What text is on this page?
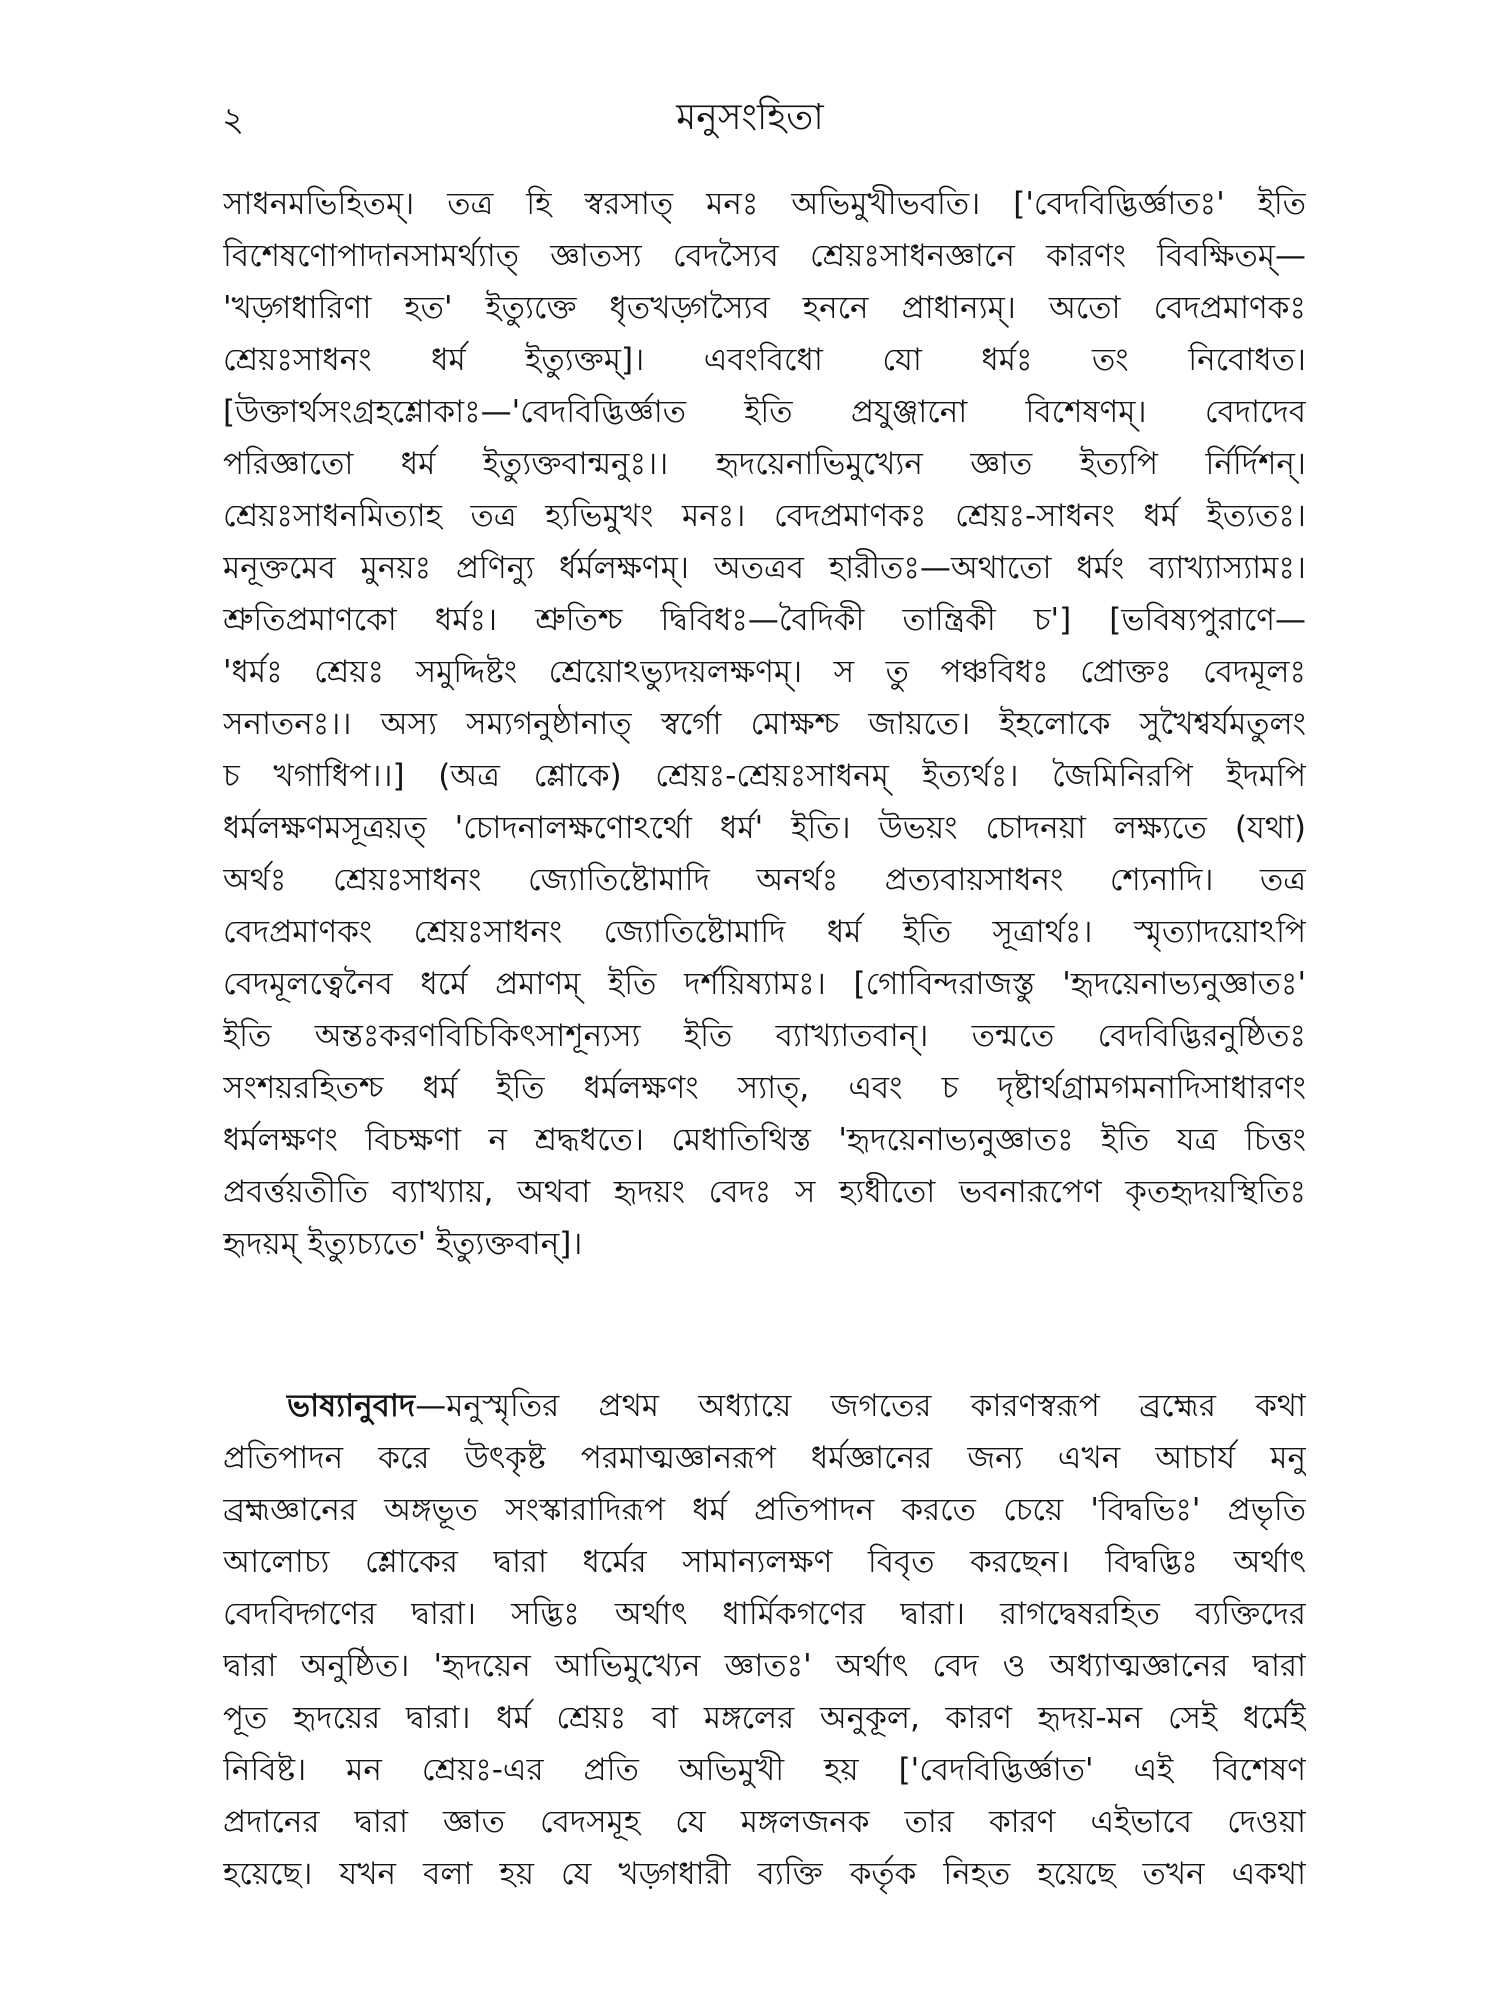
২	মনুসংহিতা
সাধনমভিহিতম্। তত্র হি স্বরসাত্ মনঃ অভিমুখীভবতি। ['বেদবিদ্ভির্জ্ঞাতঃ' ইতি
বিশেষণোপাদানসামর্থ্যাত্ জ্ঞাতস্য বেদস্যৈব শ্রেয়ঃসাধনজ্ঞানে কারণং বিবক্ষিতম্—
'খড়্গধারিণা হত' ইত্যুক্তে ধৃতখড়্গস্যৈব হননে প্রাধান্যম্। অতো বেদপ্রমাণকঃ
শ্রেয়ঃসাধনং ধর্ম ইত্যুক্তম্]। এবংবিধো যো ধর্মঃ তং নিবোধত।
[উক্তার্থসংগ্রহশ্লোকাঃ—'বেদবিদ্ভির্জ্ঞাত ইতি প্রযুঞ্জানো বিশেষণম্। বেদাদেব
পরিজ্ঞাতো ধর্ম ইত্যুক্তবান্মনুঃ।। হৃদয়েনাভিমুখ্যেন জ্ঞাত ইত্যপি র্নির্দিশন্।
শ্রেয়ঃসাধনমিত্যাহ তত্র হ্যভিমুখং মনঃ। বেদপ্রমাণকঃ শ্রেয়ঃ-সাধনং ধর্ম ইত্যতঃ।
মনূক্তমেব মুনয়ঃ প্রণিন্যু র্ধর্মলক্ষণম্। অতত্রব হারীতঃ—অথাতো ধর্মং ব্যাখ্যাস্যামঃ।
শ্রুতিপ্রমাণকো ধর্মঃ। শ্রুতিশ্চ দ্বিবিধঃ—বৈদিকী তান্ত্রিকী চ'] [ভবিষ্যপুরাণে—
'ধর্মঃ শ্রেয়ঃ সমুদ্দিষ্টং শ্রেয়োঽভ্যুদয়লক্ষণম্। স তু পঞ্চবিধঃ প্রোক্তঃ বেদমূলঃ
সনাতনঃ।। অস্য সম্যগনুষ্ঠানাত্ স্বর্গো মোক্ষশ্চ জায়তে। ইহলোকে সুখৈশ্বর্যমতুলং
চ খগাধিপ।।] (অত্র শ্লোকে) শ্রেয়ঃ-শ্রেয়ঃসাধনম্ ইত্যর্থঃ। জৈমিনিরপি ইদমপি
ধর্মলক্ষণমসূত্রয়ত্ 'চোদনালক্ষণোঽর্থো ধর্ম' ইতি। উভয়ং চোদনয়া লক্ষ্যতে (যথা)
অর্থঃ শ্রেয়ঃসাধনং জ্যোতিষ্টোমাদি অনর্থঃ প্রত্যবায়সাধনং শ্যেনাদি। তত্র
বেদপ্রমাণকং শ্রেয়ঃসাধনং জ্যোতিষ্টোমাদি ধর্ম ইতি সূত্রার্থঃ। স্মৃত্যাদয়োঽপি
বেদমূলত্বেনৈব ধর্মে প্রমাণম্ ইতি দর্শয়িষ্যামঃ। [গোবিন্দরাজস্তু 'হৃদয়েনাভ্যনুজ্ঞাতঃ'
ইতি অন্তঃকরণবিচিকিৎসাশূন্যস্য ইতি ব্যাখ্যাতবান্। তন্মতে বেদবিদ্ভিরনুষ্ঠিতঃ
সংশয়রহিতশ্চ ধর্ম ইতি ধর্মলক্ষণং স্যাত্, এবং চ দৃষ্টার্থগ্রামগমনাদিসাধারণং
ধর্মলক্ষণং বিচক্ষণা ন শ্রদ্ধধতে। মেধাতিথিস্ত 'হৃদয়েনাভ্যনুজ্ঞাতঃ ইতি যত্র চিত্তং
প্রবর্ত্তয়তীতি ব্যাখ্যায়, অথবা হৃদয়ং বেদঃ স হ্যধীতো ভবনারূপেণ কৃতহৃদয়স্থিতিঃ
হৃদয়ম্ ইত্যুচ্যতে' ইত্যুক্তবান্]।
ভাষ্যানুবাদ—মনুস্মৃতির প্রথম অধ্যায়ে জগতের কারণস্বরূপ ব্রহ্মের কথা
প্রতিপাদন করে উৎকৃষ্ট পরমাত্মজ্ঞানরূপ ধর্মজ্ঞানের জন্য এখন আচার্য মনু
ব্রহ্মজ্ঞানের অঙ্গভূত সংস্কারাদিরূপ ধর্ম প্রতিপাদন করতে চেয়ে 'বিদ্বভিঃ' প্রভৃতি
আলোচ্য শ্লোকের দ্বারা ধর্মের সামান্যলক্ষণ বিবৃত করছেন। বিদ্বদ্ভিঃ অর্থাৎ
বেদবিদ্গণের দ্বারা। সদ্ভিঃ অর্থাৎ ধার্মিকগণের দ্বারা। রাগদ্বেষরহিত ব্যক্তিদের
দ্বারা অনুষ্ঠিত। 'হৃদয়েন আভিমুখ্যেন জ্ঞাতঃ' অর্থাৎ বেদ ও অধ্যাত্মজ্ঞানের দ্বারা
পূত হৃদয়ের দ্বারা। ধর্ম শ্রেয়ঃ বা মঙ্গলের অনুকূল, কারণ হৃদয়-মন সেই ধর্মেই
নিবিষ্ট। মন শ্রেয়ঃ-এর প্রতি অভিমুখী হয় ['বেদবিদ্ভির্জ্ঞাত' এই বিশেষণ
প্রদানের দ্বারা জ্ঞাত বেদসমূহ যে মঙ্গলজনক তার কারণ এইভাবে দেওয়া
হয়েছে। যখন বলা হয় যে খড়্গধারী ব্যক্তি কর্তৃক নিহত হয়েছে তখন একথা
